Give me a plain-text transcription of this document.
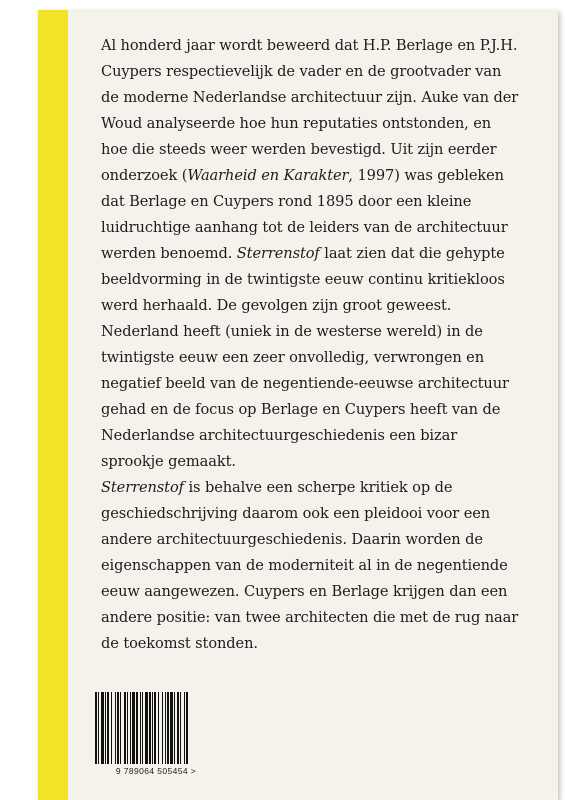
Al honderd jaar wordt beweerd dat H.P. Berlage en P.J.H. Cuypers respectievelijk de vader en de grootvader van de moderne Nederlandse architectuur zijn. Auke van der Woud analyseerde hoe hun reputaties ontstonden, en hoe die steeds weer werden bevestigd. Uit zijn eerder onderzoek (Waarheid en Karakter, 1997) was gebleken dat Berlage en Cuypers rond 1895 door een kleine luidruchtige aanhang tot de leiders van de architectuur werden benoemd. Sterrenstof laat zien dat die gehypte beeldvorming in de twintigste eeuw continu kritiekloos werd herhaald. De gevolgen zijn groot geweest. Nederland heeft (uniek in de westerse wereld) in de twintigste eeuw een zeer onvolledig, verwrongen en negatief beeld van de negentiende-eeuwse architectuur gehad en de focus op Berlage en Cuypers heeft van de Nederlandse architectuurgeschiedenis een bizar sprookje gemaakt.

Sterrenstof is behalve een scherpe kritiek op de geschiedschrijving daarom ook een pleidooi voor een andere architectuurgeschiedenis. Daarin worden de eigenschappen van de moderniteit al in de negentiende eeuw aangewezen. Cuypers en Berlage krijgen dan een andere positie: van twee architecten die met de rug naar de toekomst stonden.

9 789064 505454 >
